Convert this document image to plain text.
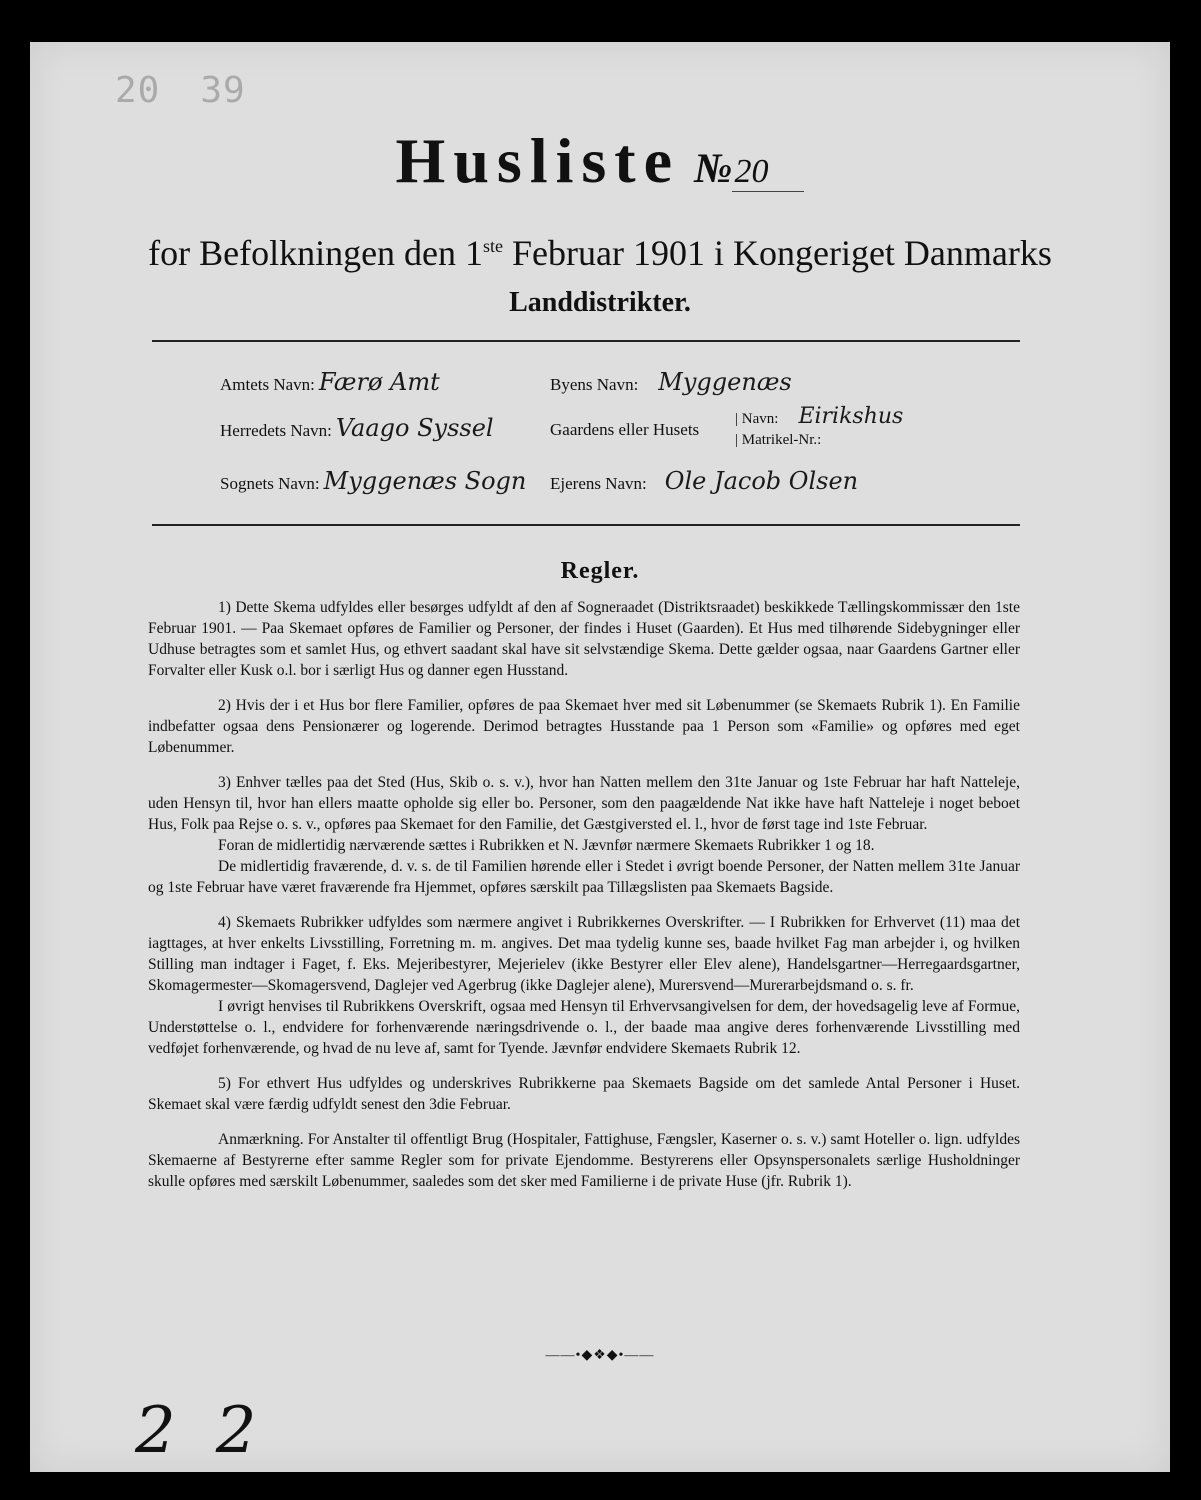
20 39
Husliste №20
for Befolkningen den 1ste Februar 1901 i Kongeriget Danmarks
Landdistrikter.
Amtets Navn: Færø Amt
Herredets Navn: Vaago Syssel
Sognets Navn: Myggenæs Sogn
Byens Navn: Myggenæs
Gaardens eller Husets
| Navn: Eirikshus
| Matrikel-Nr.:
Ejerens Navn: Ole Jacob Olsen
Regler.

1) Dette Skema udfyldes eller besørges udfyldt af den af Sogneraadet (Distriktsraadet) beskikkede Tællingskommissær den 1ste Februar 1901. — Paa Skemaet opføres de Familier og Personer, der findes i Huset (Gaarden). Et Hus med tilhørende Sidebygninger eller Udhuse betragtes som et samlet Hus, og ethvert saadant skal have sit selvstændige Skema. Dette gælder ogsaa, naar Gaardens Gartner eller Forvalter eller Kusk o.l. bor i særligt Hus og danner egen Husstand.

2) Hvis der i et Hus bor flere Familier, opføres de paa Skemaet hver med sit Løbenummer (se Skemaets Rubrik 1). En Familie indbefatter ogsaa dens Pensionærer og logerende. Derimod betragtes Husstande paa 1 Person som «Familie» og opføres med eget Løbenummer.

3) Enhver tælles paa det Sted (Hus, Skib o. s. v.), hvor han Natten mellem den 31te Januar og 1ste Februar har haft Natteleje, uden Hensyn til, hvor han ellers maatte opholde sig eller bo. Personer, som den paagældende Nat ikke have haft Natteleje i noget beboet Hus, Folk paa Rejse o. s. v., opføres paa Skemaet for den Familie, det Gæstgiversted el. l., hvor de først tage ind 1ste Februar.

Foran de midlertidig nærværende sættes i Rubrikken et N. Jævnfør nærmere Skemaets Rubrikker 1 og 18.

De midlertidig fraværende, d. v. s. de til Familien hørende eller i Stedet i øvrigt boende Personer, der Natten mellem 31te Januar og 1ste Februar have været fraværende fra Hjemmet, opføres særskilt paa Tillægslisten paa Skemaets Bagside.

4) Skemaets Rubrikker udfyldes som nærmere angivet i Rubrikkernes Overskrifter. — I Rubrikken for Erhvervet (11) maa det iagttages, at hver enkelts Livsstilling, Forretning m. m. angives. Det maa tydelig kunne ses, baade hvilket Fag man arbejder i, og hvilken Stilling man indtager i Faget, f. Eks. Mejeribestyrer, Mejerielev (ikke Bestyrer eller Elev alene), Handelsgartner—Herregaardsgartner, Skomagermester—Skomagersvend, Daglejer ved Agerbrug (ikke Daglejer alene), Murersvend—Murerarbejdsmand o. s. fr.

I øvrigt henvises til Rubrikkens Overskrift, ogsaa med Hensyn til Erhvervsangivelsen for dem, der hovedsagelig leve af Formue, Understøttelse o. l., endvidere for forhenværende næringsdrivende o. l., der baade maa angive deres forhenværende Livsstilling med vedføjet forhenværende, og hvad de nu leve af, samt for Tyende. Jævnfør endvidere Skemaets Rubrik 12.

5) For ethvert Hus udfyldes og underskrives Rubrikkerne paa Skemaets Bagside om det samlede Antal Personer i Huset. Skemaet skal være færdig udfyldt senest den 3die Februar.

Anmærkning. For Anstalter til offentligt Brug (Hospitaler, Fattighuse, Fængsler, Kaserner o. s. v.) samt Hoteller o. lign. udfyldes Skemaerne af Bestyrerne efter samme Regler som for private Ejendomme. Bestyrerens eller Opsynspersonalets særlige Husholdninger skulle opføres med særskilt Løbenummer, saaledes som det sker med Familierne i de private Huse (jfr. Rubrik 1).

——•◆❖◆•——
22
